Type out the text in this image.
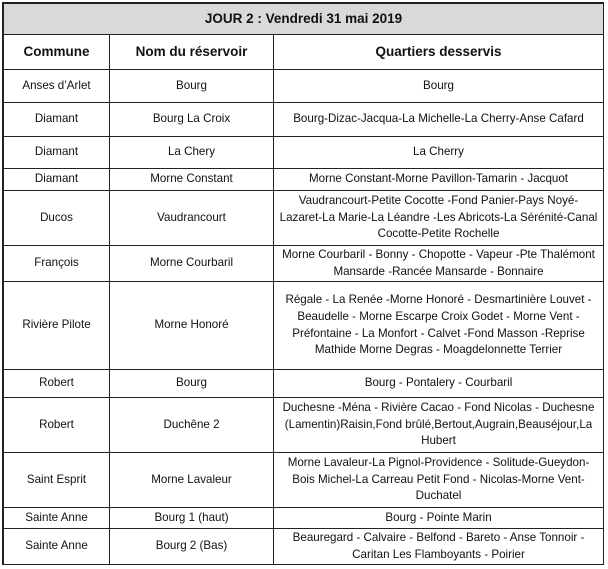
JOUR 2 : Vendredi 31 mai 2019		
Commune	Nom du réservoir	Quartiers desservis
Anses d’Arlet	Bourg	Bourg
Diamant	Bourg La Croix	Bourg-Dizac-Jacqua-La Michelle-La Cherry-Anse Cafard
Diamant	La Chery	La Cherry
Diamant	Morne Constant	Morne Constant-Morne Pavillon-Tamarin - Jacquot
Ducos	Vaudrancourt	Vaudrancourt-Petite Cocotte -Fond Panier-Pays Noyé-Lazaret-La Marie-La Léandre -Les Abricots-La Sérénité-Canal Cocotte-Petite Rochelle
François	Morne Courbaril	Morne Courbaril - Bonny - Chopotte - Vapeur -Pte Thalémont Mansarde -Rancée Mansarde - Bonnaire
Rivière Pilote	Morne Honoré	Régale - La Renée -Morne Honoré - Desmartinière Louvet -Beaudelle - Morne Escarpe Croix Godet - Morne Vent - Préfontaine - La Monfort - Calvet -Fond Masson -Reprise Mathide Morne Degras - Moagdelonnette Terrier
Robert	Bourg	Bourg - Pontalery - Courbaril
Robert	Duchêne 2	Duchesne -Ména - Rivière Cacao - Fond Nicolas - Duchesne (Lamentin)Raisin,Fond brûlé,Bertout,Augrain,Beauséjour,La Hubert
Saint Esprit	Morne Lavaleur	Morne Lavaleur-La Pignol-Providence - Solitude-Gueydon-Bois Michel-La Carreau Petit Fond - Nicolas-Morne Vent- Duchatel
Sainte Anne	Bourg 1 (haut)	Bourg - Pointe Marin
Sainte Anne	Bourg 2 (Bas)	Beauregard - Calvaire - Belfond - Bareto - Anse Tonnoir - Caritan Les Flamboyants - Poirier
